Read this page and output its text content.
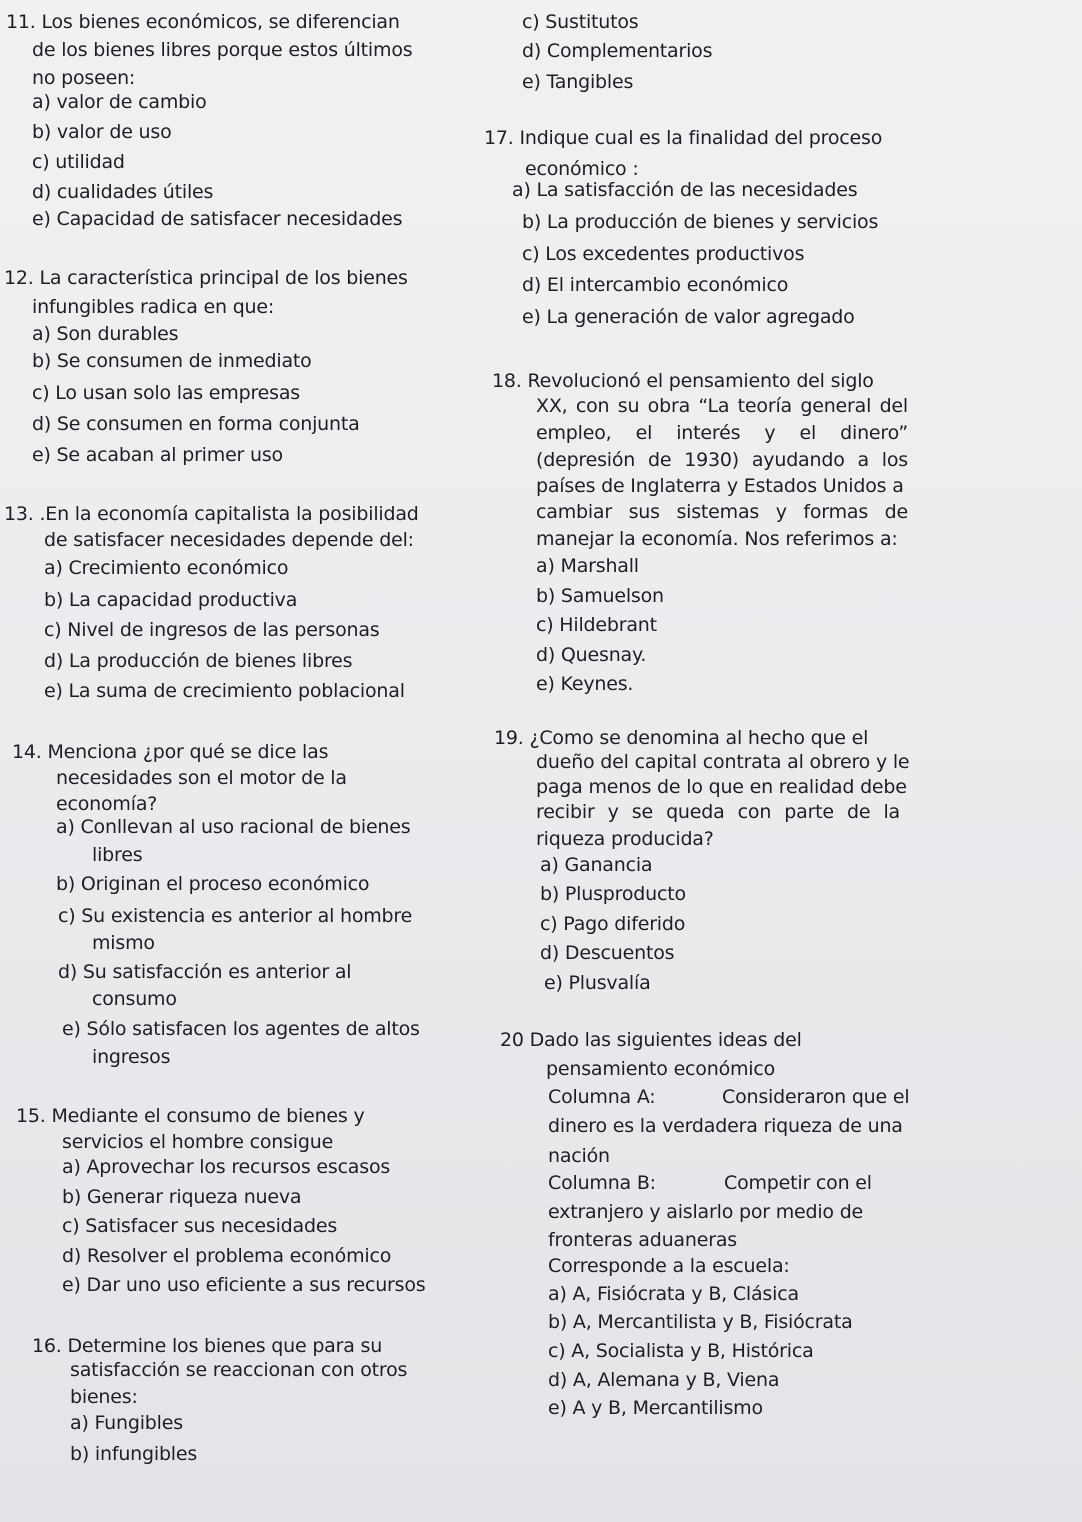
11. Los bienes económicos, se diferencian
de los bienes libres porque estos últimos
no poseen:
a) valor de cambio
b) valor de uso
c) utilidad
d) cualidades útiles
e) Capacidad de satisfacer necesidades
12. La característica principal de los bienes
infungibles radica en que:
a) Son durables
b) Se consumen de inmediato
c) Lo usan solo las empresas
d) Se consumen en forma conjunta
e) Se acaban al primer uso
13. .En la economía capitalista la posibilidad
de satisfacer necesidades depende del:
a) Crecimiento económico
b) La capacidad productiva
c) Nivel de ingresos de las personas
d) La producción de bienes libres
e) La suma de crecimiento poblacional
14. Menciona ¿por qué se dice las
necesidades son el motor de la
economía?
a) Conllevan al uso racional de bienes
libres
b) Originan el proceso económico
c) Su existencia es anterior al hombre
mismo
d) Su satisfacción es anterior al
consumo
e) Sólo satisfacen los agentes de altos
ingresos
15. Mediante el consumo de bienes y
servicios el hombre consigue
a) Aprovechar los recursos escasos
b) Generar riqueza nueva
c) Satisfacer sus necesidades
d) Resolver el problema económico
e) Dar uno uso eficiente a sus recursos
16. Determine los bienes que para su
satisfacción se reaccionan con otros
bienes:
a) Fungibles
b) infungibles
c) Sustitutos
d) Complementarios
e) Tangibles
17. Indique cual es la finalidad del proceso
económico :
a) La satisfacción de las necesidades
b) La producción de bienes y servicios
c) Los excedentes productivos
d) El intercambio económico
e) La generación de valor agregado
18. Revolucionó el pensamiento del siglo
XX, con su obra “La teoría general del
empleo, el interés y el dinero”
(depresión de 1930) ayudando a los
países de Inglaterra y Estados Unidos a
cambiar sus sistemas y formas de
manejar la economía. Nos referimos a:
a) Marshall
b) Samuelson
c) Hildebrant
d) Quesnay.
e) Keynes.
19. ¿Como se denomina al hecho que el
dueño del capital contrata al obrero y le
paga menos de lo que en realidad debe
recibir y se queda con parte de la
riqueza producida?
a) Ganancia
b) Plusproducto
c) Pago diferido
d) Descuentos
e) Plusvalía
20 Dado las siguientes ideas del
pensamiento económico
Columna A:	Consideraron que el
dinero es la verdadera riqueza de una
nación
Columna B:	Competir con el
extranjero y aislarlo por medio de
fronteras aduaneras
Corresponde a la escuela:
a) A, Fisiócrata y B, Clásica
b) A, Mercantilista y B, Fisiócrata
c) A, Socialista y B, Histórica
d) A, Alemana y B, Viena
e) A y B, Mercantilismo
